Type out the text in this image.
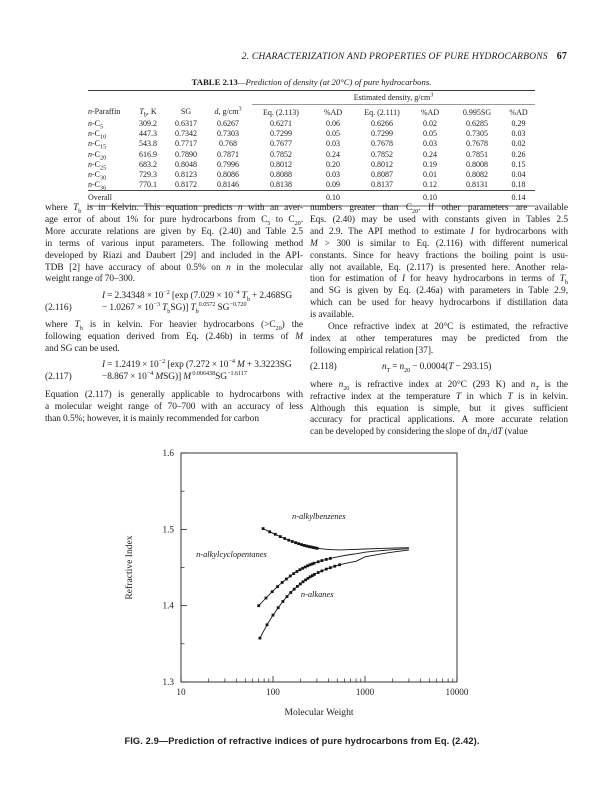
2. CHARACTERIZATION AND PROPERTIES OF PURE HYDROCARBONS 67
TABLE 2.13—Prediction of density (at 20°C) of pure hydrocarbons.
				Estimated density, $g/cm^3$
n-Paraffin	$T_b$, K	SG	d, $g/cm^3$	Eq. (2.113)	%AD	Eq. (2.111)	%AD	0.995SG	%AD
$n-C_5$	309.2	0.6317	0.6267	0.6271	0.06	0.6266	0.02	0.6285	0.29
$n-C_{10}$	447.3	0.7342	0.7303	0.7299	0.05	0.7299	0.05	0.7305	0.03
$n-C_{15}$	543.8	0.7717	0.768	0.7677	0.03	0.7678	0.03	0.7678	0.02
$n-C_{20}$	616.9	0.7890	0.7871	0.7852	0.24	0.7852	0.24	0.7851	0.26
$n-C_{25}$	683.2	0.8048	0.7996	0.8012	0.20	0.8012	0.19	0.8008	0.15
$n-C_{30}$	729.3	0.8123	0.8086	0.8088	0.03	0.8087	0.01	0.8082	0.04
$n-C_{36}$	770.1	0.8172	0.8146	0.8138	0.09	0.8137	0.12	0.8131	0.18
Overall					0.10		0.10		0.14
where $T_b$ is in Kelvin. This equation predicts n with an aver-
age error of about 1% for pure hydrocarbons from $C_5$ to $C_{20}$.
More accurate relations are given by Eq. (2.40) and Table 2.5
in terms of various input parameters. The following method
developed by Riazi and Daubert [29] and included in the API-
TDB [2] have accuracy of about 0.5% on n in the molecular
weight range of 70–300.
$I = 2.34348 \times 10^{-2}$ [exp ($7.029 \times 10^{-4}$ $T_b + 2.468SG$
(2.116)	− $1.0267 \times 10^{-3}$ $T_bSG$)] $T_b^{0.0572}$ $SG^{-0.720}$
where $T_b$ is in kelvin. For heavier hydrocarbons $(>C_{20})$ the
following equation derived from Eq. (2.46b) in terms of M
and SG can be used.
$I = 1.2419 \times 10^{-2}$ [exp ($7.272 \times 10^{-4}$ M + 3.3223SG
(2.117)	$-8.867 \times 10^{-4}$ MSG)] M $^{0.006438}SG^{-1.6117}$
Equation (2.117) is generally applicable to hydrocarbons with
a molecular weight range of 70–700 with an accuracy of less
than 0.5%; however, it is mainly recommended for carbon
numbers greater than $C_{20}$. If other parameters are available
Eqs. (2.40) may be used with constants given in Tables 2.5
and 2.9. The API method to estimate I for hydrocarbons with
M > 300 is similar to Eq. (2.116) with different numerical
constants. Since for heavy fractions the boiling point is usu-
ally not available, Eq. (2.117) is presented here. Another rela-
tion for estimation of I for heavy hydrocarbons in terms of $T_b$
and SG is given by Eq. (2.46a) with parameters in Table 2.9,
which can be used for heavy hydrocarbons if distillation data
is available.
Once refractive index at 20°C is estimated, the refractive
index at other temperatures may be predicted from the
following empirical relation [37].
(2.118)	$n_T = n_{20} - 0.0004(T - 293.15)$
where $n_{20}$ is refractive index at 20°C (293 K) and $n_T$ is the
refractive index at the temperature T in which T is in kelvin.
Although this equation is simple, but it gives sufficient
accuracy for practical applications. A more accurate relation
can be developed by considering the slope of $dn_T/dT$ (value
10	100	1000	10000
1.3
1.4
1.5
1.6
n-alkylbenzenes
n-alkylcyclopentanes
n-alkanes
Refractive Index
Molecular Weight
FIG. 2.9—Prediction of refractive indices of pure hydrocarbons from Eq. (2.42).
